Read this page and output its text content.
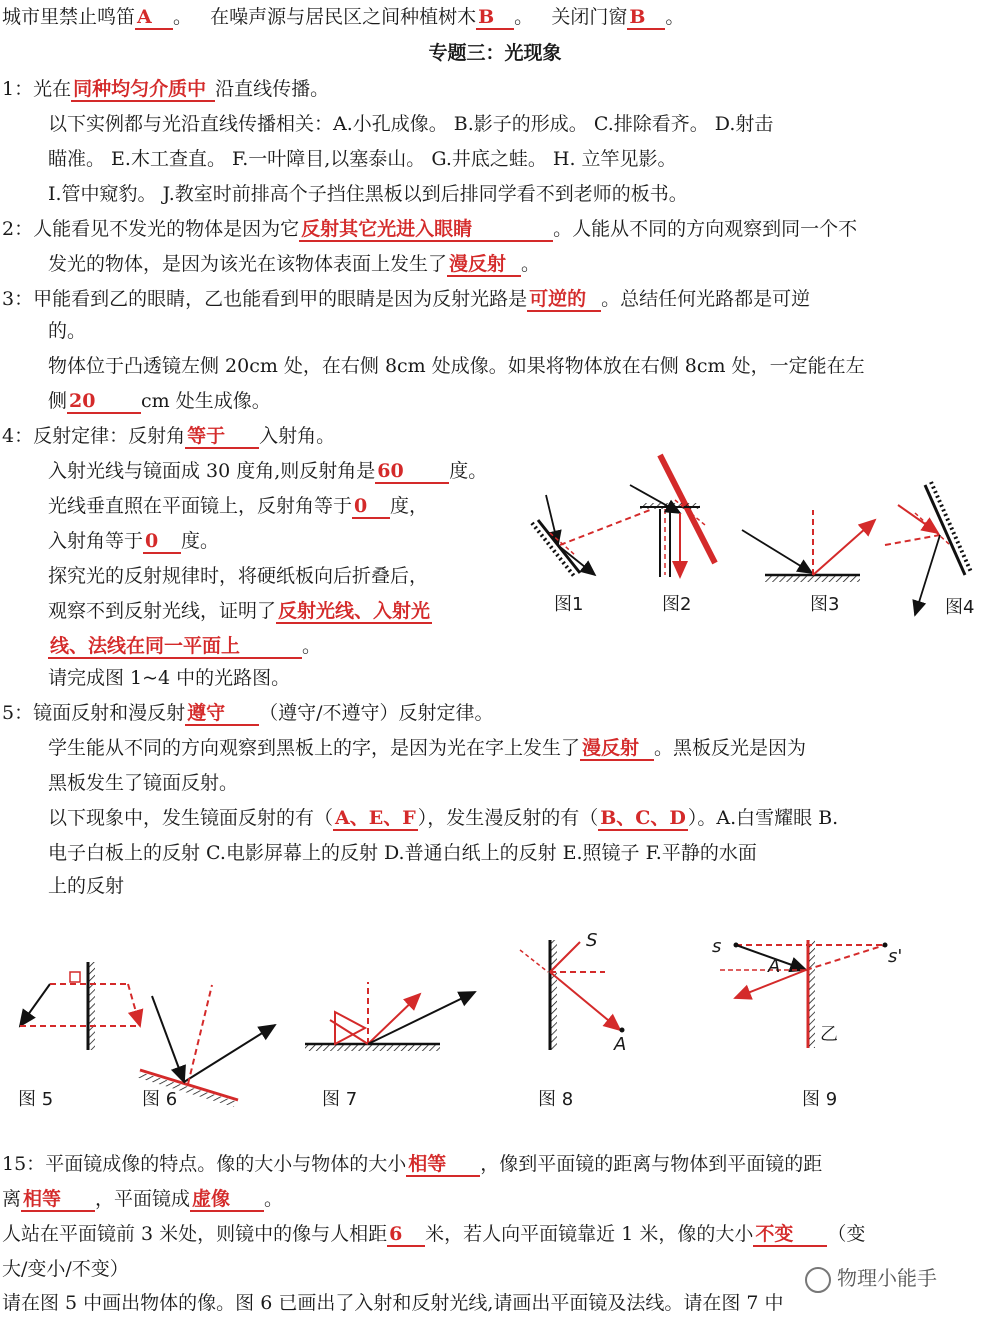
城市里禁止鸣笛 A 。 在噪声源与居民区之间种植树木 B 。 关闭门窗 B 。
专题三：光现象
1：光在 同种均匀介质中 沿直线传播。
以下实例都与光沿直线传播相关：A.小孔成像。 B.影子的形成。 C.排除看齐。 D.射击
瞄准。 E.木工查直。 F.一叶障目,以塞泰山。 G.井底之蛙。 H. 立竿见影。
I.管中窥豹。 J.教室时前排高个子挡住黑板以到后排同学看不到老师的板书。
2：人能看见不发光的物体是因为它 反射其它光进入眼睛	。人能从不同的方向观察到同一个不
发光的物体，是因为该光在该物体表面上发生了 漫反射 。
3：甲能看到乙的眼睛，乙也能看到甲的眼睛是因为反射光路是 可逆的 。总结任何光路都是可逆
的。
物体位于凸透镜左侧 20cm 处，在右侧 8cm 处成像。如果将物体放在右侧 8cm 处，一定能在左
侧 20 cm 处生成像。
4：反射定律：反射角 等于 入射角。
入射光线与镜面成 30 度角,则反射角是 60 度。
光线垂直照在平面镜上，反射角等于 0 度，
入射角等于 0 度。
探究光的反射规律时，将硬纸板向后折叠后，
观察不到反射光线，证明了 反射光线、入射光
线、法线在同一平面上	。
请完成图 1~4 中的光路图。
图1	图2	图3	图4
5：镜面反射和漫反射 遵守 （遵守/不遵守）反射定律。
学生能从不同的方向观察到黑板上的字，是因为光在字上发生了 漫反射 。黑板反光是因为
黑板发生了镜面反射。
以下现象中，发生镜面反射的有（ A、E、F ），发生漫反射的有（ B、C、D ）。A.白雪耀眼 B.
电子白板上的反射 C.电影屏幕上的反射 D.普通白纸上的反射 E.照镜子 F.平静的水面
上的反射
图 5	图 6	图 7
S
A
图 8
s	s'
A
乙
图 9
15：平面镜成像的特点。像的大小与物体的大小 相等 ，像到平面镜的距离与物体到平面镜的距
离 相等 ，平面镜成 虚像 。
人站在平面镜前 3 米处，则镜中的像与人相距 6 米，若人向平面镜靠近 1 米，像的大小 不变 （变
大/变小/不变）
请在图 5 中画出物体的像。图 6 已画出了入射和反射光线,请画出平面镜及法线。请在图 7 中
物理小能手
